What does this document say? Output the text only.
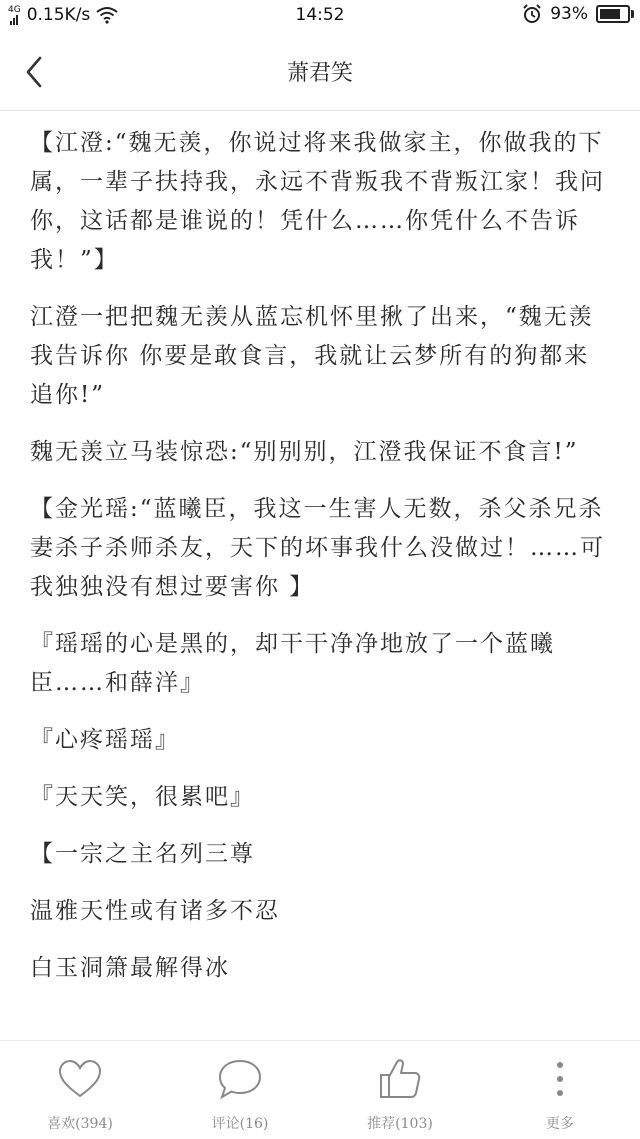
4G 0.15K/s	14:52	93%
萧君笑

【江澄:“魏无羡，你说过将来我做家主，你做我的下属，一辈子扶持我，永远不背叛我不背叛江家！我问你，这话都是谁说的！凭什么……你凭什么不告诉我！”】

江澄一把把魏无羡从蓝忘机怀里揪了出来，“魏无羡我告诉你 你要是敢食言，我就让云梦所有的狗都来追你!”

魏无羡立马装惊恐:“别别别，江澄我保证不食言!”

【金光瑶:“蓝曦臣，我这一生害人无数，杀父杀兄杀妻杀子杀师杀友，天下的坏事我什么没做过！……可我独独没有想过要害你 】

『瑶瑶的心是黑的，却干干净净地放了一个蓝曦臣……和薛洋』

『心疼瑶瑶』

『天天笑，很累吧』

【一宗之主名列三尊

温雅天性或有诸多不忍

白玉洞箫最解得冰

喜欢(394)	评论(16)	推荐(103)	更多
